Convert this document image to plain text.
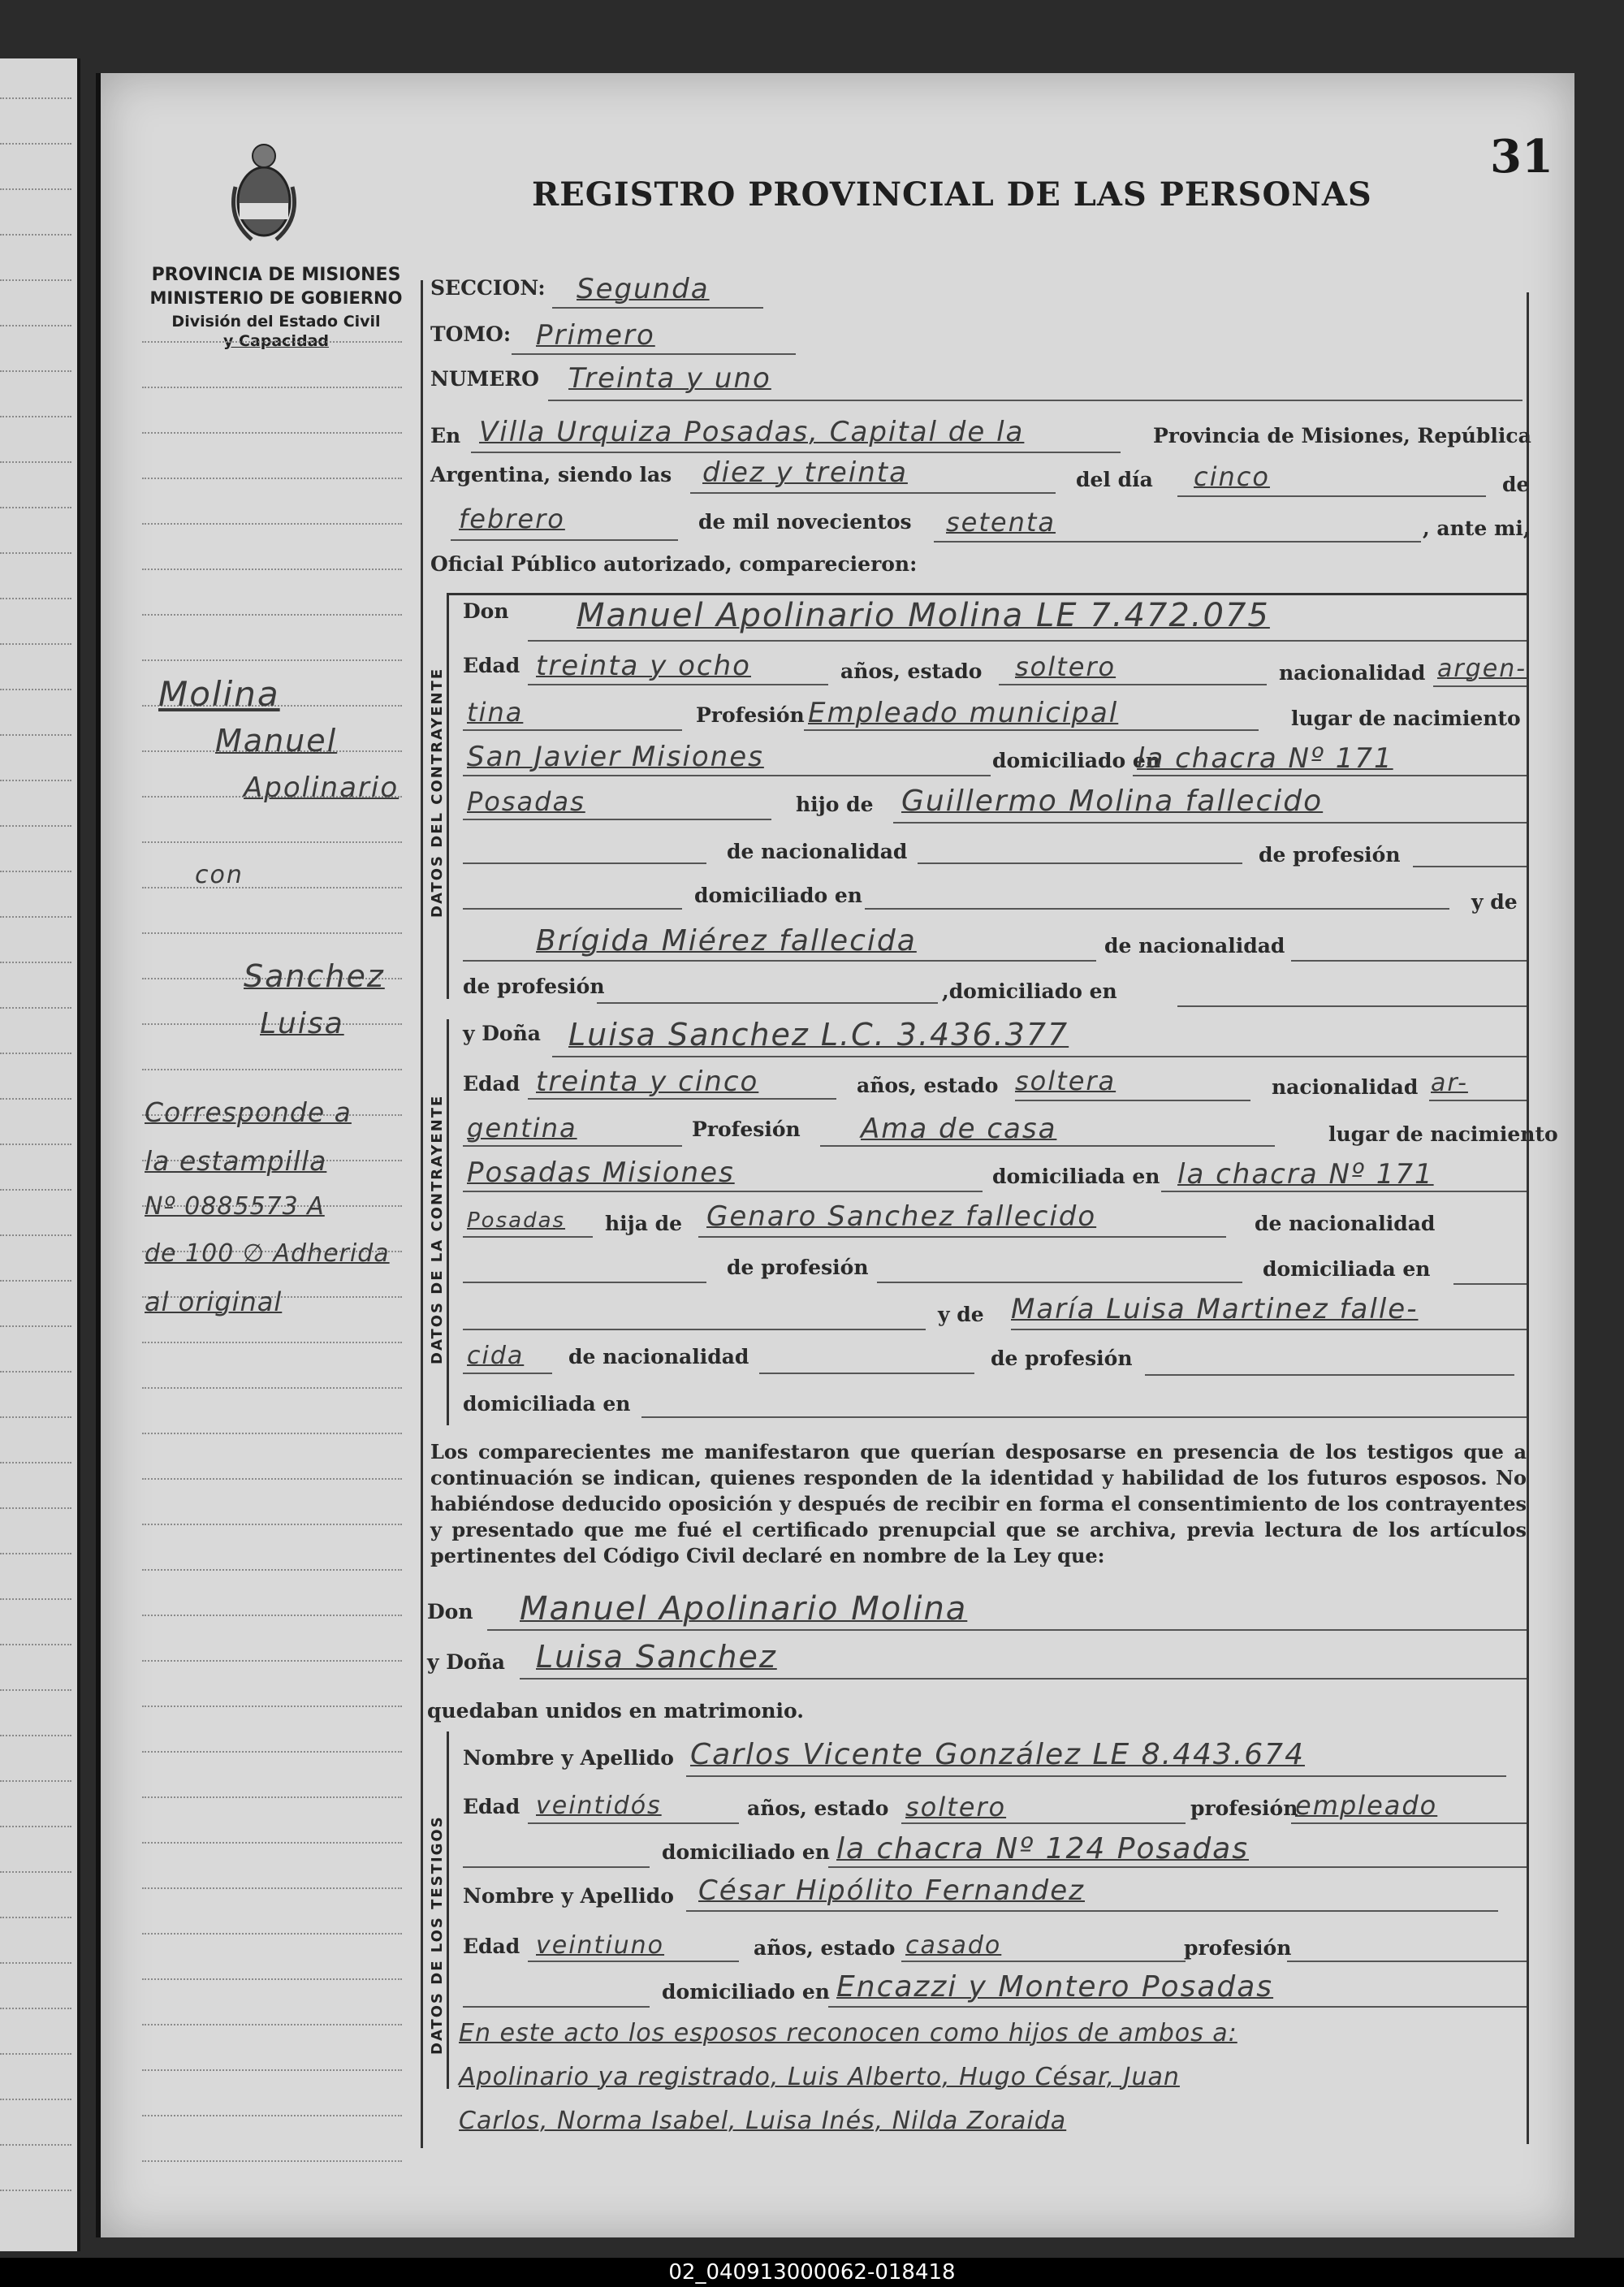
31
REGISTRO PROVINCIAL DE LAS PERSONAS
PROVINCIA DE MISIONES
MINISTERIO DE GOBIERNO
División del Estado Civil
y Capacidad
Molina
Manuel
Apolinario
con
Sanchez
Luisa
Corresponde a
la estampilla
Nº 0885573 A
de 100 ∅ Adherida
al original
SECCION: Segunda
TOMO: Primero
NUMERO Treinta y uno
En Villa Urquiza Posadas, Capital de la	Provincia de Misiones, República
Argentina, siendo las diez y treinta	del día cinco	de
febrero	de mil novecientos setenta	, ante mi,
Oficial Público autorizado, comparecieron:
DATOS DEL CONTRAYENTE
Don Manuel Apolinario Molina LE 7.472.075
Edad treinta y ocho	años, estado soltero	nacionalidad argen-
tina	Profesión Empleado municipal	lugar de nacimiento
San Javier Misiones	domiciliado en
la chacra Nº 171
Posadas	hijo de Guillermo Molina fallecido
de nacionalidad	de profesión
domiciliado en	y de
Brígida Miérez fallecida	de nacionalidad
de profesión	,domiciliado en
DATOS DE LA CONTRAYENTE
y Doña Luisa Sanchez L.C. 3.436.377
Edad treinta y cinco	años, estado soltera	nacionalidad ar-
gentina	Profesión Ama de casa	lugar de nacimiento
Posadas Misiones	domiciliada en la chacra Nº 171
Posadas hija de Genaro Sanchez fallecido	de nacionalidad
de profesión	domiciliada en
y de María Luisa Martinez falle-
cida de nacionalidad	de profesión
domiciliada en
Los comparecientes me manifestaron que querían desposarse en presencia de los testigos que a continuación se indican, quienes responden de la identidad y habilidad de los futuros esposos. No habiéndose deducido oposición y después de recibir en forma el consentimiento de los contrayentes y presentado que me fué el certificado prenupcial que se archiva, previa lectura de los artículos pertinentes del Código Civil declaré en nombre de la Ley que:
Don Manuel Apolinario Molina
y Doña Luisa Sanchez
quedaban unidos en matrimonio.
DATOS DE LOS TESTIGOS
Nombre y Apellido Carlos Vicente González LE 8.443.674
Edad veintidós	años, estado soltero	profesión
empleado
domiciliado en la chacra Nº 124 Posadas
Nombre y Apellido César Hipólito Fernandez
Edad veintiuno	años, estado casado	profesión
domiciliado en Encazzi y Montero Posadas
En este acto los esposos reconocen como hijos de ambos a:
Apolinario ya registrado, Luis Alberto, Hugo César, Juan
Carlos, Norma Isabel, Luisa Inés, Nilda Zoraida
02_040913000062-018418
